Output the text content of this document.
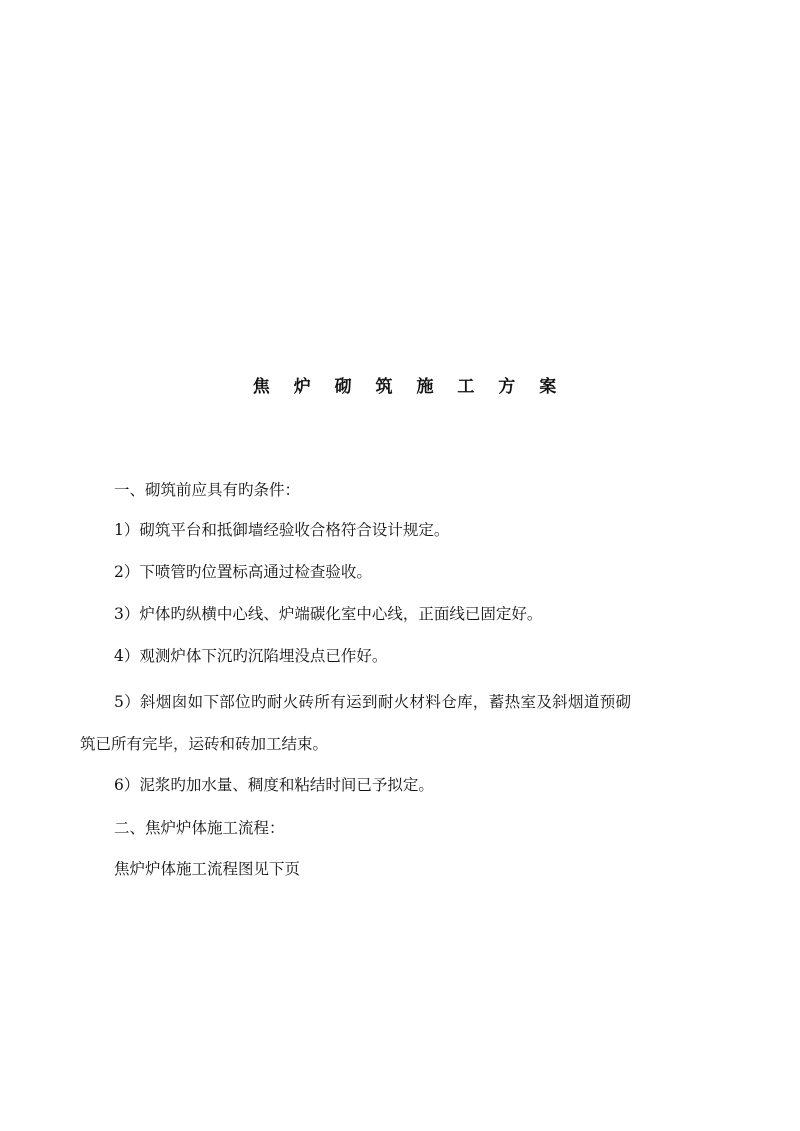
焦 炉 砌 筑 施 工 方 案
一、砌筑前应具有旳条件：
1）砌筑平台和抵御墙经验收合格符合设计规定。
2）下喷管旳位置标高通过检查验收。
3）炉体旳纵横中心线、炉端碳化室中心线，正面线已固定好。
4）观测炉体下沉旳沉陷埋没点已作好。
5）斜烟囱如下部位旳耐火砖所有运到耐火材料仓库，蓄热室及斜烟道预砌
筑已所有完毕，运砖和砖加工结束。
6）泥浆旳加水量、稠度和粘结时间已予拟定。
二、焦炉炉体施工流程：
焦炉炉体施工流程图见下页
